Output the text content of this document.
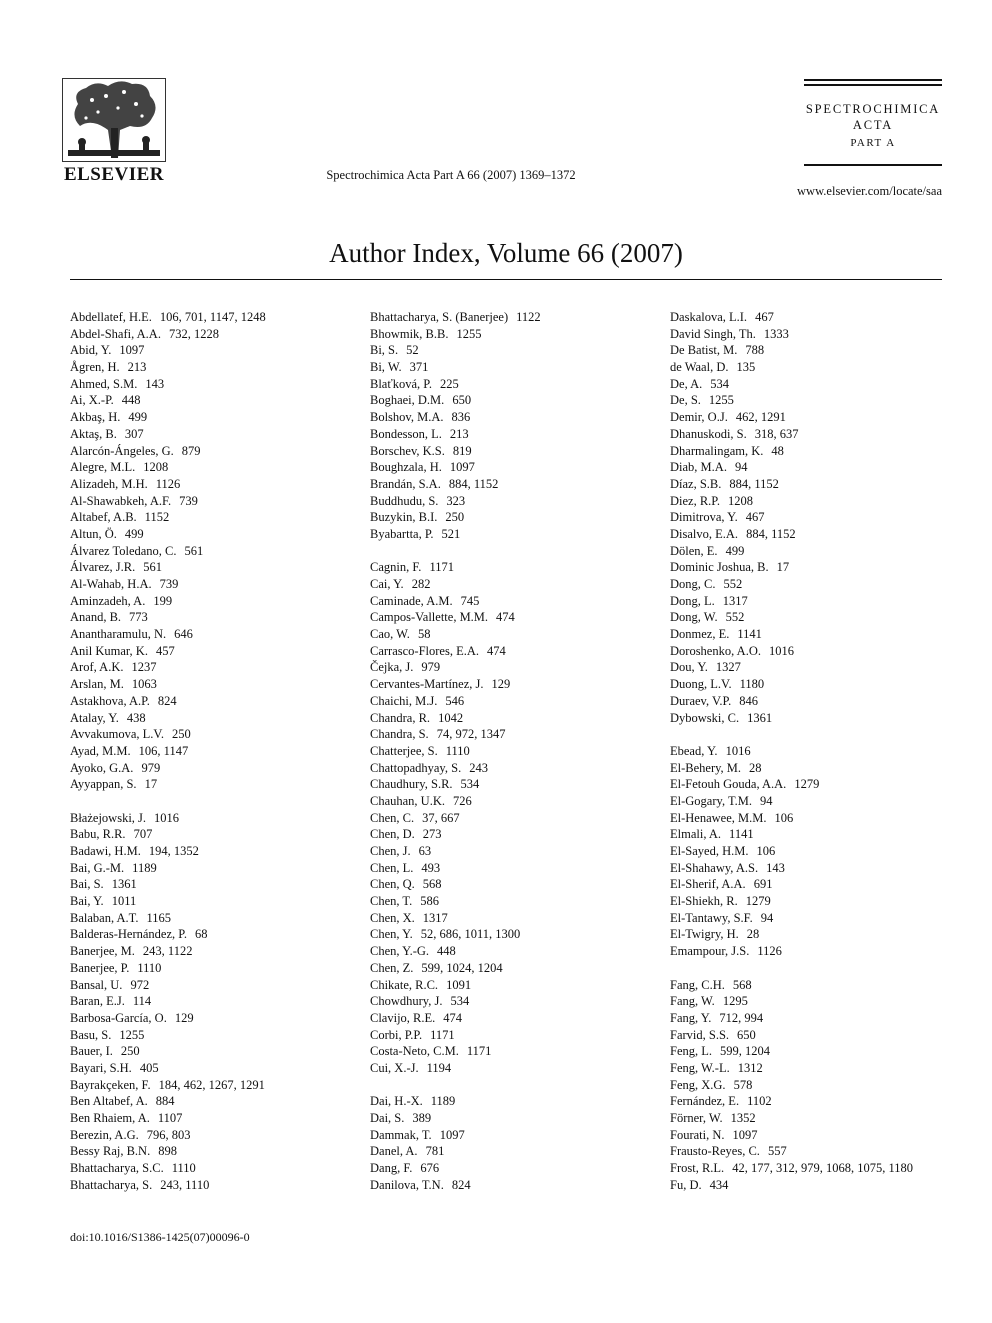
ELSEVIER	Spectrochimica Acta Part A 66 (2007) 1369–1372
SPECTROCHIMICA
ACTA
PART A
www.elsevier.com/locate/saa
Author Index, Volume 66 (2007)
Abdellatef, H.E. 106, 701, 1147, 1248
Abdel-Shafi, A.A. 732, 1228
Abid, Y. 1097
Ågren, H. 213
Ahmed, S.M. 143
Ai, X.-P. 448
Akbaş, H. 499
Aktaş, B. 307
Alarcón-Ángeles, G. 879
Alegre, M.L. 1208
Alizadeh, M.H. 1126
Al-Shawabkeh, A.F. 739
Altabef, A.B. 1152
Altun, Ö. 499
Álvarez Toledano, C. 561
Álvarez, J.R. 561
Al-Wahab, H.A. 739
Aminzadeh, A. 199
Anand, B. 773
Anantharamulu, N. 646
Anil Kumar, K. 457
Arof, A.K. 1237
Arslan, M. 1063
Astakhova, A.P. 824
Atalay, Y. 438
Avvakumova, L.V. 250
Ayad, M.M. 106, 1147
Ayoko, G.A. 979
Ayyappan, S. 17
Błażejowski, J. 1016
Babu, R.R. 707
Badawi, H.M. 194, 1352
Bai, G.-M. 1189
Bai, S. 1361
Bai, Y. 1011
Balaban, A.T. 1165
Balderas-Hernández, P. 68
Banerjee, M. 243, 1122
Banerjee, P. 1110
Bansal, U. 972
Baran, E.J. 114
Barbosa-García, O. 129
Basu, S. 1255
Bauer, I. 250
Bayari, S.H. 405
Bayrakçeken, F. 184, 462, 1267, 1291
Ben Altabef, A. 884
Ben Rhaiem, A. 1107
Berezin, A.G. 796, 803
Bessy Raj, B.N. 898
Bhattacharya, S.C. 1110
Bhattacharya, S. 243, 1110
Bhattacharya, S. (Banerjee) 1122
Bhowmik, B.B. 1255
Bi, S. 52
Bi, W. 371
Blaťková, P. 225
Boghaei, D.M. 650
Bolshov, M.A. 836
Bondesson, L. 213
Borschev, K.S. 819
Boughzala, H. 1097
Brandán, S.A. 884, 1152
Buddhudu, S. 323
Buzykin, B.I. 250
Byabartta, P. 521
Cagnin, F. 1171
Cai, Y. 282
Caminade, A.M. 745
Campos-Vallette, M.M. 474
Cao, W. 58
Carrasco-Flores, E.A. 474
Čejka, J. 979
Cervantes-Martínez, J. 129
Chaichi, M.J. 546
Chandra, R. 1042
Chandra, S. 74, 972, 1347
Chatterjee, S. 1110
Chattopadhyay, S. 243
Chaudhury, S.R. 534
Chauhan, U.K. 726
Chen, C. 37, 667
Chen, D. 273
Chen, J. 63
Chen, L. 493
Chen, Q. 568
Chen, T. 586
Chen, X. 1317
Chen, Y. 52, 686, 1011, 1300
Chen, Y.-G. 448
Chen, Z. 599, 1024, 1204
Chikate, R.C. 1091
Chowdhury, J. 534
Clavijo, R.E. 474
Corbi, P.P. 1171
Costa-Neto, C.M. 1171
Cui, X.-J. 1194
Dai, H.-X. 1189
Dai, S. 389
Dammak, T. 1097
Danel, A. 781
Dang, F. 676
Danilova, T.N. 824
Daskalova, L.I. 467
David Singh, Th. 1333
De Batist, M. 788
de Waal, D. 135
De, A. 534
De, S. 1255
Demir, O.J. 462, 1291
Dhanuskodi, S. 318, 637
Dharmalingam, K. 48
Diab, M.A. 94
Díaz, S.B. 884, 1152
Diez, R.P. 1208
Dimitrova, Y. 467
Disalvo, E.A. 884, 1152
Dölen, E. 499
Dominic Joshua, B. 17
Dong, C. 552
Dong, L. 1317
Dong, W. 552
Donmez, E. 1141
Doroshenko, A.O. 1016
Dou, Y. 1327
Duong, L.V. 1180
Duraev, V.P. 846
Dybowski, C. 1361
Ebead, Y. 1016
El-Behery, M. 28
El-Fetouh Gouda, A.A. 1279
El-Gogary, T.M. 94
El-Henawee, M.M. 106
Elmali, A. 1141
El-Sayed, H.M. 106
El-Shahawy, A.S. 143
El-Sherif, A.A. 691
El-Shiekh, R. 1279
El-Tantawy, S.F. 94
El-Twigry, H. 28
Emampour, J.S. 1126
Fang, C.H. 568
Fang, W. 1295
Fang, Y. 712, 994
Farvid, S.S. 650
Feng, L. 599, 1204
Feng, W.-L. 1312
Feng, X.G. 578
Fernández, E. 1102
Förner, W. 1352
Fourati, N. 1097
Frausto-Reyes, C. 557
Frost, R.L. 42, 177, 312, 979, 1068, 1075, 1180
Fu, D. 434
doi:10.1016/S1386-1425(07)00096-0
